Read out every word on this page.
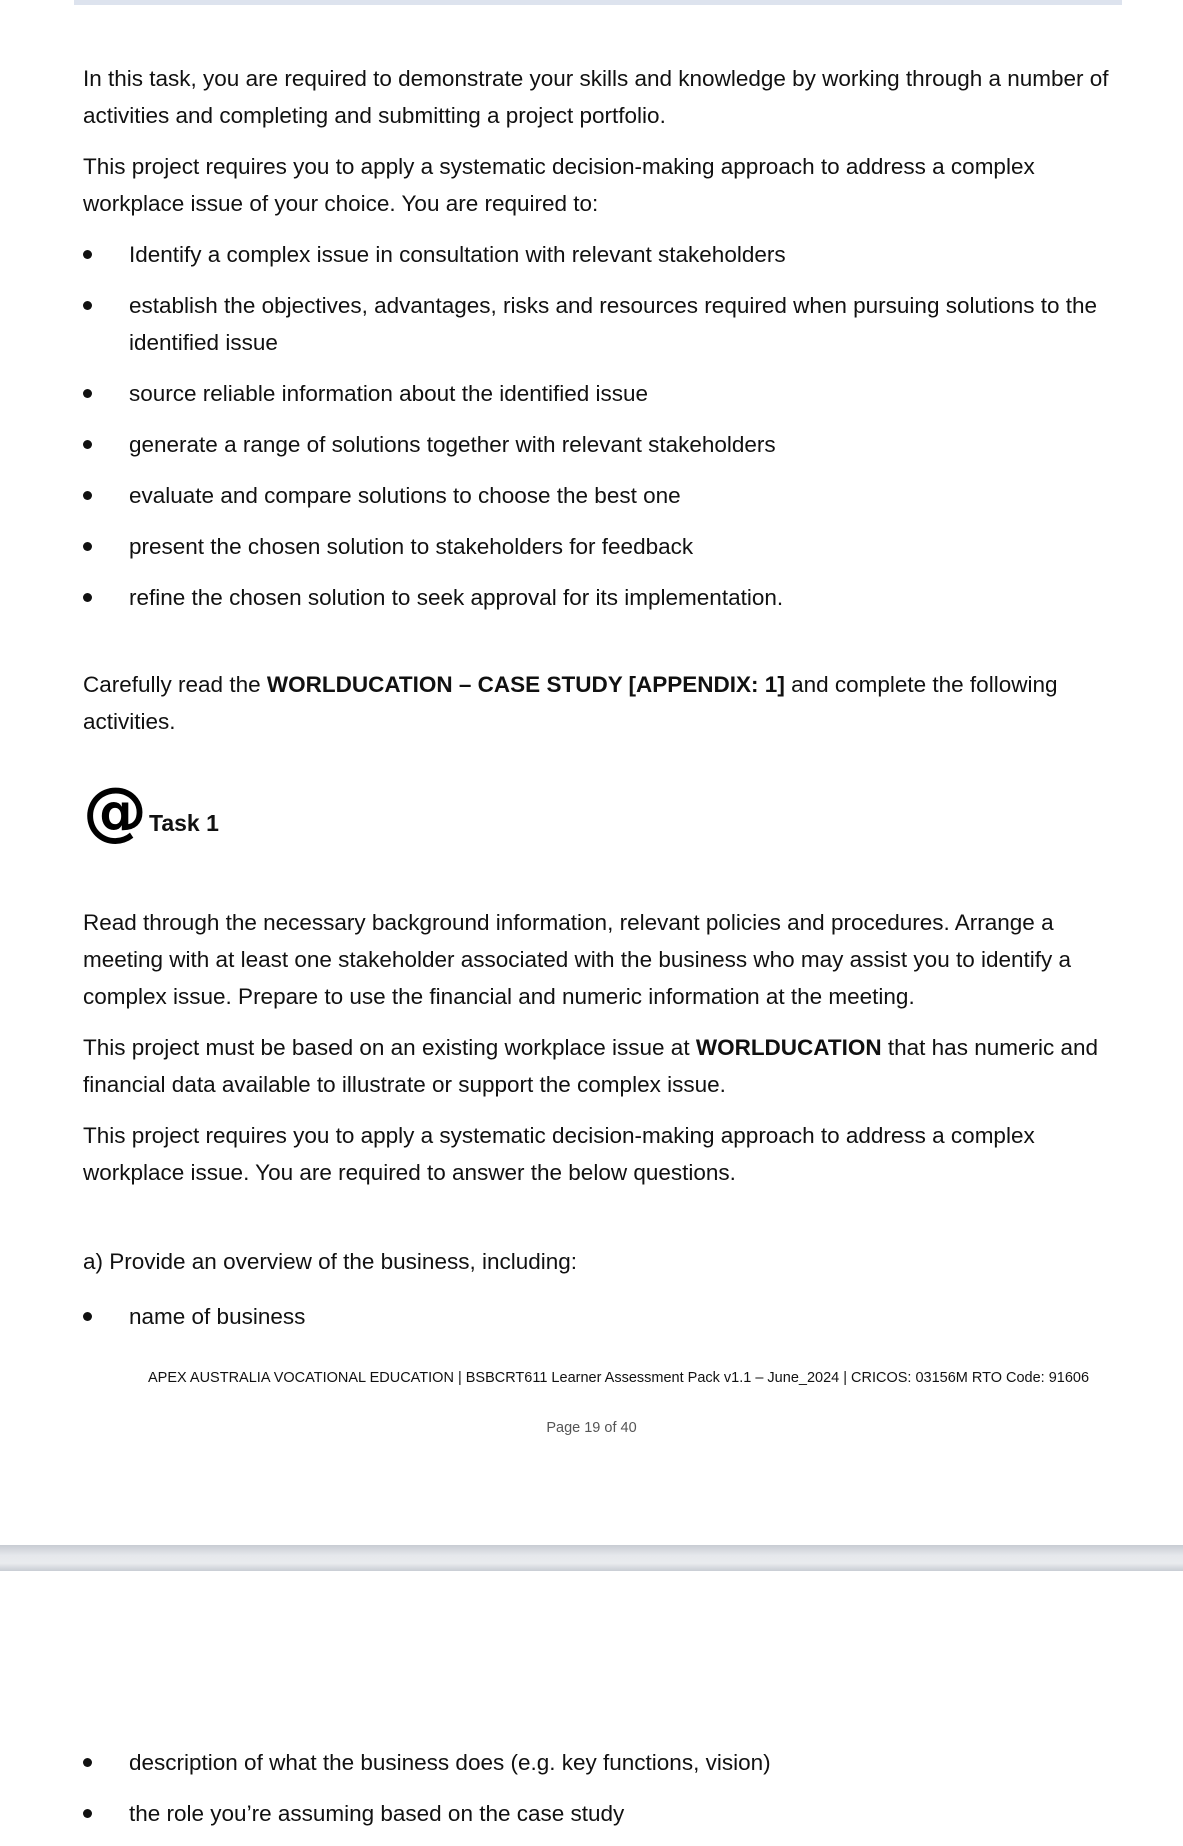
In this task, you are required to demonstrate your skills and knowledge by working through a number of activities and completing and submitting a project portfolio.

This project requires you to apply a systematic decision-making approach to address a complex workplace issue of your choice. You are required to:

Identify a complex issue in consultation with relevant stakeholders
establish the objectives, advantages, risks and resources required when pursuing solutions to the identified issue
source reliable information about the identified issue
generate a range of solutions together with relevant stakeholders
evaluate and compare solutions to choose the best one
present the chosen solution to stakeholders for feedback
refine the chosen solution to seek approval for its implementation.

Carefully read the WORLDUCATION – CASE STUDY [APPENDIX: 1] and complete the following activities.

@ Task 1

Read through the necessary background information, relevant policies and procedures. Arrange a meeting with at least one stakeholder associated with the business who may assist you to identify a complex issue. Prepare to use the financial and numeric information at the meeting.

This project must be based on an existing workplace issue at WORLDUCATION that has numeric and financial data available to illustrate or support the complex issue.

This project requires you to apply a systematic decision-making approach to address a complex workplace issue. You are required to answer the below questions.

a) Provide an overview of the business, including:

name of business
APEX AUSTRALIA VOCATIONAL EDUCATION | BSBCRT611 Learner Assessment Pack v1.1 – June_2024 | CRICOS: 03156M RTO Code: 91606
Page 19 of 40
description of what the business does (e.g. key functions, vision)
the role you’re assuming based on the case study
